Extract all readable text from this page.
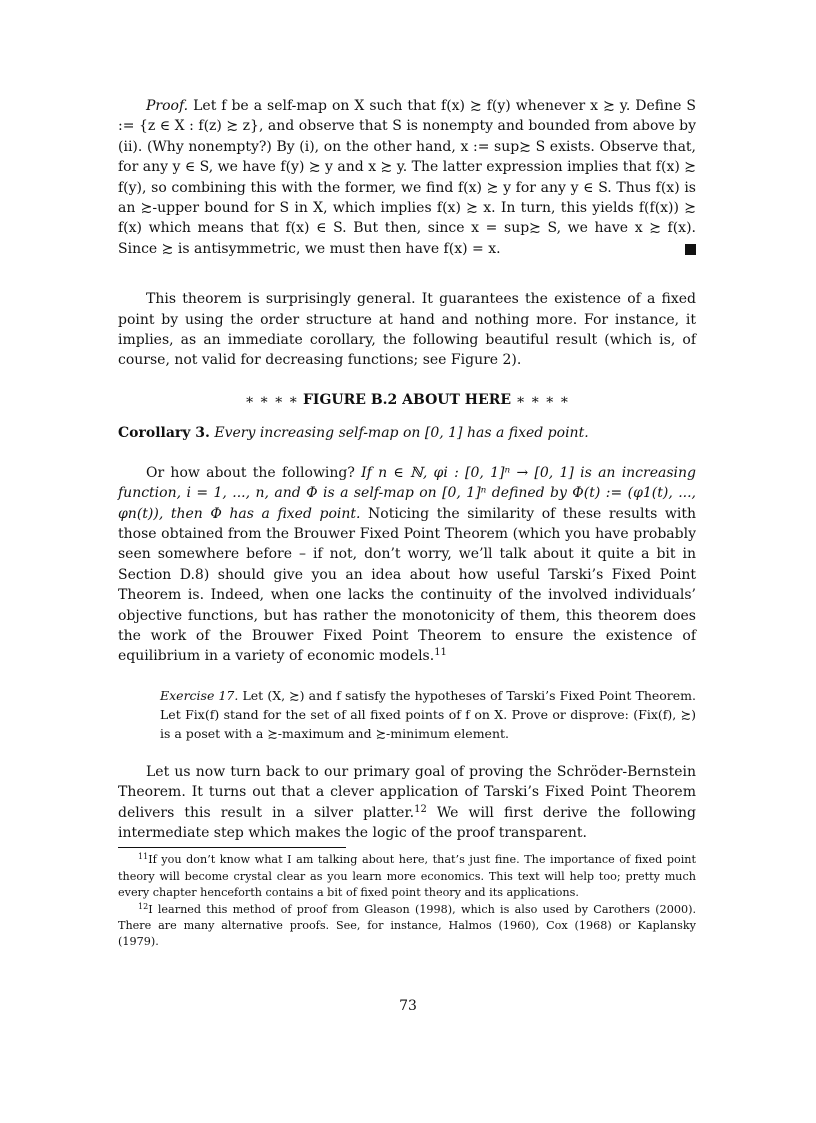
Proof. Let f be a self-map on X such that f(x) ≿ f(y) whenever x ≿ y. Define S := {z ∈ X : f(z) ≿ z}, and observe that S is nonempty and bounded from above by (ii). (Why nonempty?) By (i), on the other hand, x := sup≿ S exists. Observe that, for any y ∈ S, we have f(y) ≿ y and x ≿ y. The latter expression implies that f(x) ≿ f(y), so combining this with the former, we find f(x) ≿ y for any y ∈ S. Thus f(x) is an ≿-upper bound for S in X, which implies f(x) ≿ x. In turn, this yields f(f(x)) ≿ f(x) which means that f(x) ∈ S. But then, since x = sup≿ S, we have x ≿ f(x). Since ≿ is antisymmetric, we must then have f(x) = x.

This theorem is surprisingly general. It guarantees the existence of a fixed point by using the order structure at hand and nothing more. For instance, it implies, as an immediate corollary, the following beautiful result (which is, of course, not valid for decreasing functions; see Figure 2).

∗ ∗ ∗ ∗ FIGURE B.2 ABOUT HERE ∗ ∗ ∗ ∗

Corollary 3. Every increasing self-map on [0, 1] has a fixed point.

Or how about the following? If n ∈ ℕ, φi : [0, 1]ⁿ → [0, 1] is an increasing function, i = 1, ..., n, and Φ is a self-map on [0, 1]ⁿ defined by Φ(t) := (φ1(t), ..., φn(t)), then Φ has a fixed point. Noticing the similarity of these results with those obtained from the Brouwer Fixed Point Theorem (which you have probably seen somewhere before – if not, don’t worry, we’ll talk about it quite a bit in Section D.8) should give you an idea about how useful Tarski’s Fixed Point Theorem is. Indeed, when one lacks the continuity of the involved individuals’ objective functions, but has rather the monotonicity of them, this theorem does the work of the Brouwer Fixed Point Theorem to ensure the existence of equilibrium in a variety of economic models.$^{11}$

Exercise 17. Let (X, ≿) and f satisfy the hypotheses of Tarski’s Fixed Point Theorem. Let Fix(f) stand for the set of all fixed points of f on X. Prove or disprove: (Fix(f), ≿) is a poset with a ≿-maximum and ≿-minimum element.

Let us now turn back to our primary goal of proving the Schröder-Bernstein Theorem. It turns out that a clever application of Tarski’s Fixed Point Theorem delivers this result in a silver platter.$^{12}$ We will first derive the following intermediate step which makes the logic of the proof transparent.

$^{11}$If you don’t know what I am talking about here, that’s just fine. The importance of fixed point theory will become crystal clear as you learn more economics. This text will help too; pretty much every chapter henceforth contains a bit of fixed point theory and its applications.

$^{12}$I learned this method of proof from Gleason (1998), which is also used by Carothers (2000). There are many alternative proofs. See, for instance, Halmos (1960), Cox (1968) or Kaplansky (1979).

73
